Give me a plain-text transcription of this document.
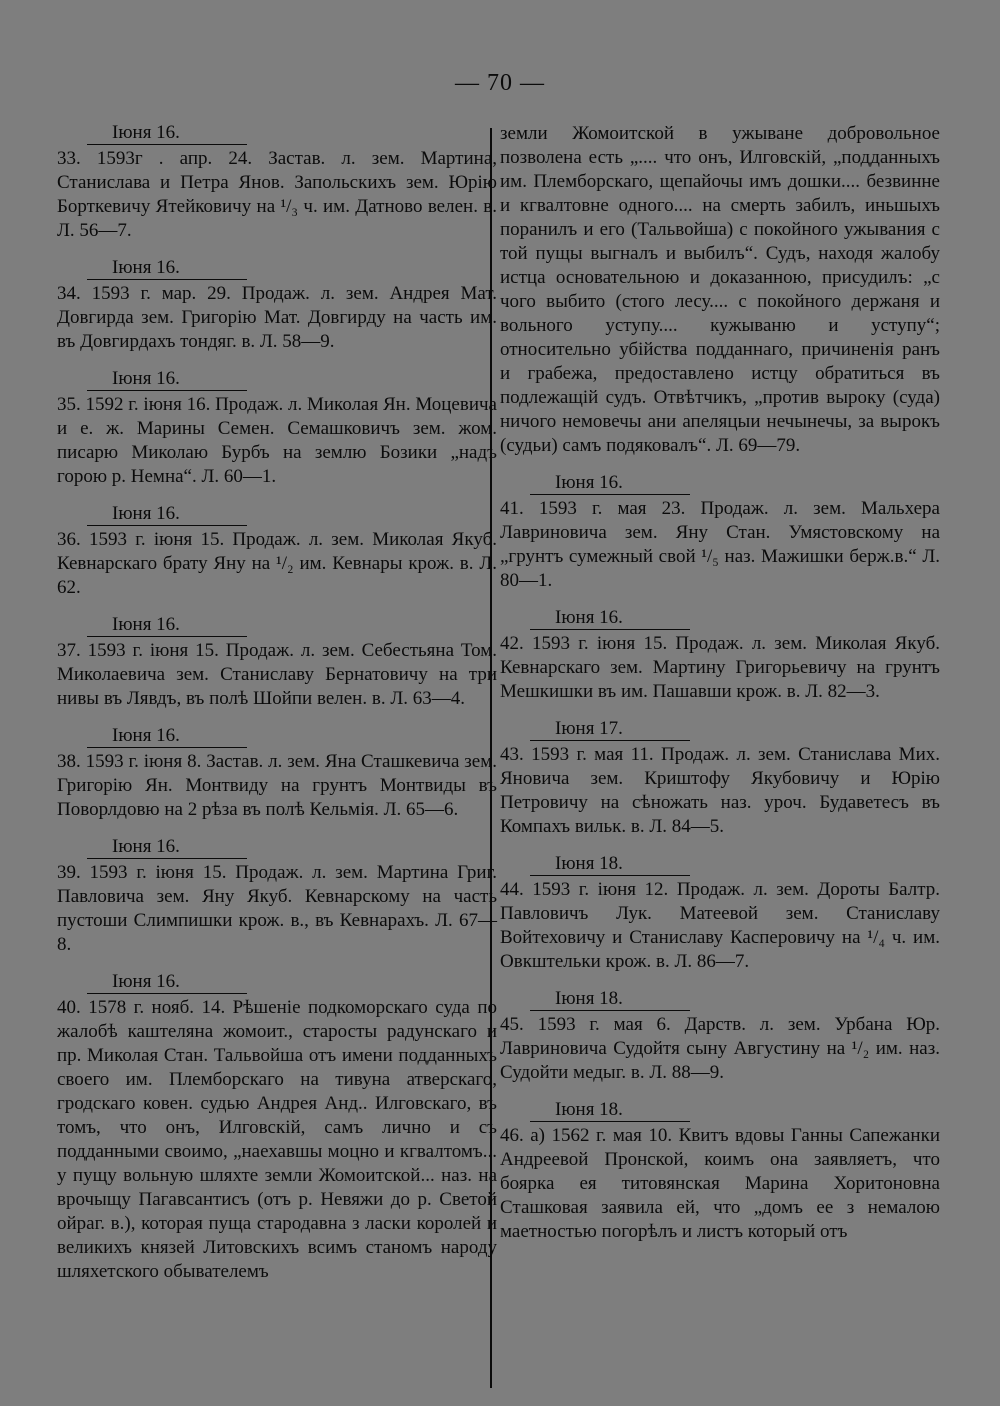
— 70 —
Іюня 16.
33. 1593г . апр. 24. Застав. л. зем. Мартина, Станислава и Петра Янов. Запольскихъ зем. Юрію Борткевичу Ятейковичу на ¹/₃ ч. им. Датново велен. в. Л. 56—7.
Іюня 16.
34. 1593 г. мар. 29. Продаж. л. зем. Андрея Мат. Довгирда зем. Григорію Мат. Довгирду на часть им. въ Довгирдахъ тондяг. в. Л. 58—9.
Іюня 16.
35. 1592 г. іюня 16. Продаж. л. Миколая Ян. Моцевича и е. ж. Марины Семен. Семашковичъ зем. жом. писарю Миколаю Бурбъ на землю Бозики „надъ горою р. Немна“. Л. 60—1.
Іюня 16.
36. 1593 г. іюня 15. Продаж. л. зем. Миколая Якуб. Кевнарскаго брату Яну на ¹/₂ им. Кевнары крож. в. Л. 62.
Іюня 16.
37. 1593 г. іюня 15. Продаж. л. зем. Себестьяна Том. Миколаевича зем. Станиславу Бернатовичу на три нивы въ Лявдъ, въ полѣ Шойпи велен. в. Л. 63—4.
Іюня 16.
38. 1593 г. іюня 8. Застав. л. зем. Яна Сташкевича зем. Григорію Ян. Монтвиду на грунтъ Монтвиды въ Поворлдовю на 2 рѣза въ полѣ Кельмія. Л. 65—6.
Іюня 16.
39. 1593 г. іюня 15. Продаж. л. зем. Мартина Григ. Павловича зем. Яну Якуб. Кевнарскому на часть пустоши Слимпишки крож. в., въ Кевнарахъ. Л. 67—8.
Іюня 16.
40. 1578 г. нояб. 14. Рѣшеніе подкоморскаго суда по жалобѣ каштеляна жомоит., старосты радунскаго и пр. Миколая Стан. Тальвойша отъ имени подданныхъ своего им. Племборскаго на тивуна атверскаго, гродскаго ковен. судью Андрея Анд.. Илговскаго, въ томъ, что онъ, Илговскій, самъ лично и съ подданными своимо, „наехавшы моцно и кгвалтомъ... у пущу вольную шляхте земли Жомоитской... наз. на врочыщу Пагавсантисъ (отъ р. Невяжи до р. Светой ойраг. в.), которая пуща стародавна з ласки королей и великихъ князей Литовскихъ всимъ станомъ народу шляхетского обывателемъ
земли Жомоитской в ужыване добровольное позволена есть „.... что онъ, Илговскій, „подданныхъ им. Племборскаго, щепайочы имъ дошки.... безвинне и кгвалтовне одного.... на смерть забилъ, иньшыхъ поранилъ и его (Тальвойша) с покойного ужывания с той пущы выгналъ и выбилъ“. Судъ, находя жалобу истца основательною и доказанною, присудилъ: „с чого выбито (стого лесу.... с покойного держаня и вольного уступу.... кужываню и уступу“; относительно убійства подданнаго, причиненія ранъ и грабежа, предоставлено истцу обратиться въ подлежащій судъ. Отвѣтчикъ, „против выроку (суда) ничого немовечы ани апеляцыи нечынечы, за вырокъ (судьи) самъ подяковалъ“. Л. 69—79.
Іюня 16.
41. 1593 г. мая 23. Продаж. л. зем. Мальхера Лавриновича зем. Яну Стан. Умястовскому на „грунтъ сумежный свой ¹/₅ наз. Мажишки берж.в.“ Л. 80—1.
Іюня 16.
42. 1593 г. іюня 15. Продаж. л. зем. Миколая Якуб. Кевнарскаго зем. Мартину Григорьевичу на грунтъ Мешкишки въ им. Пашавши крож. в. Л. 82—3.
Іюня 17.
43. 1593 г. мая 11. Продаж. л. зем. Станислава Мих. Яновича зем. Криштофу Якубовичу и Юрію Петровичу на сѣножать наз. уроч. Будаветесъ въ Компахъ вильк. в. Л. 84—5.
Іюня 18.
44. 1593 г. іюня 12. Продаж. л. зем. Дороты Балтр. Павловичъ Лук. Матеевой зем. Станиславу Войтеховичу и Станиславу Касперовичу на ¹/₄ ч. им. Овкштельки крож. в. Л. 86—7.
Іюня 18.
45. 1593 г. мая 6. Дарств. л. зем. Урбана Юр. Лавриновича Судойтя сыну Августину на ¹/₂ им. наз. Судойти медыг. в. Л. 88—9.
Іюня 18.
46. а) 1562 г. мая 10. Квитъ вдовы Ганны Сапежанки Андреевой Пронской, коимъ она заявляетъ, что боярка ея титовянская Марина Хоритоновна Сташковая заявила ей, что „домъ ее з немалою маетностью погорѣлъ и листъ который отъ
